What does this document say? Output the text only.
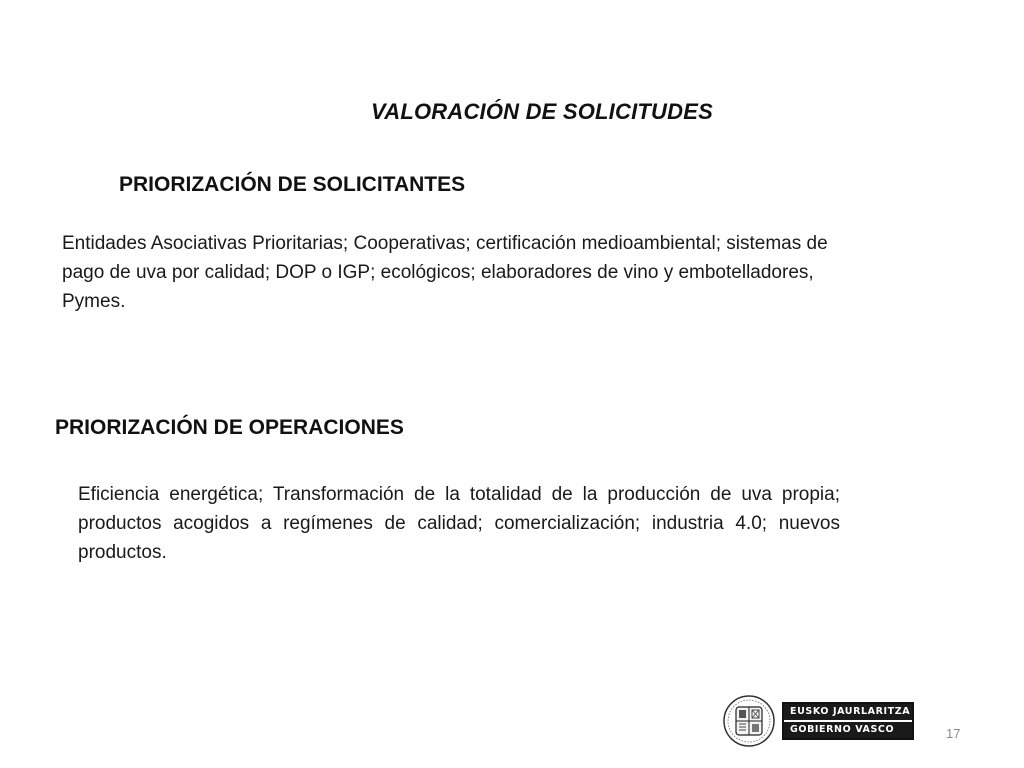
VALORACIÓN DE SOLICITUDES
PRIORIZACIÓN DE SOLICITANTES
Entidades Asociativas Prioritarias; Cooperativas; certificación medioambiental; sistemas de pago de uva por calidad; DOP o IGP; ecológicos; elaboradores de vino y embotelladores, Pymes.
PRIORIZACIÓN DE OPERACIONES
Eficiencia energética; Transformación de la totalidad de la producción de uva propia; productos acogidos a regímenes de calidad; comercialización; industria 4.0; nuevos productos.
EUSKO JAURLARITZA
GOBIERNO VASCO	17
